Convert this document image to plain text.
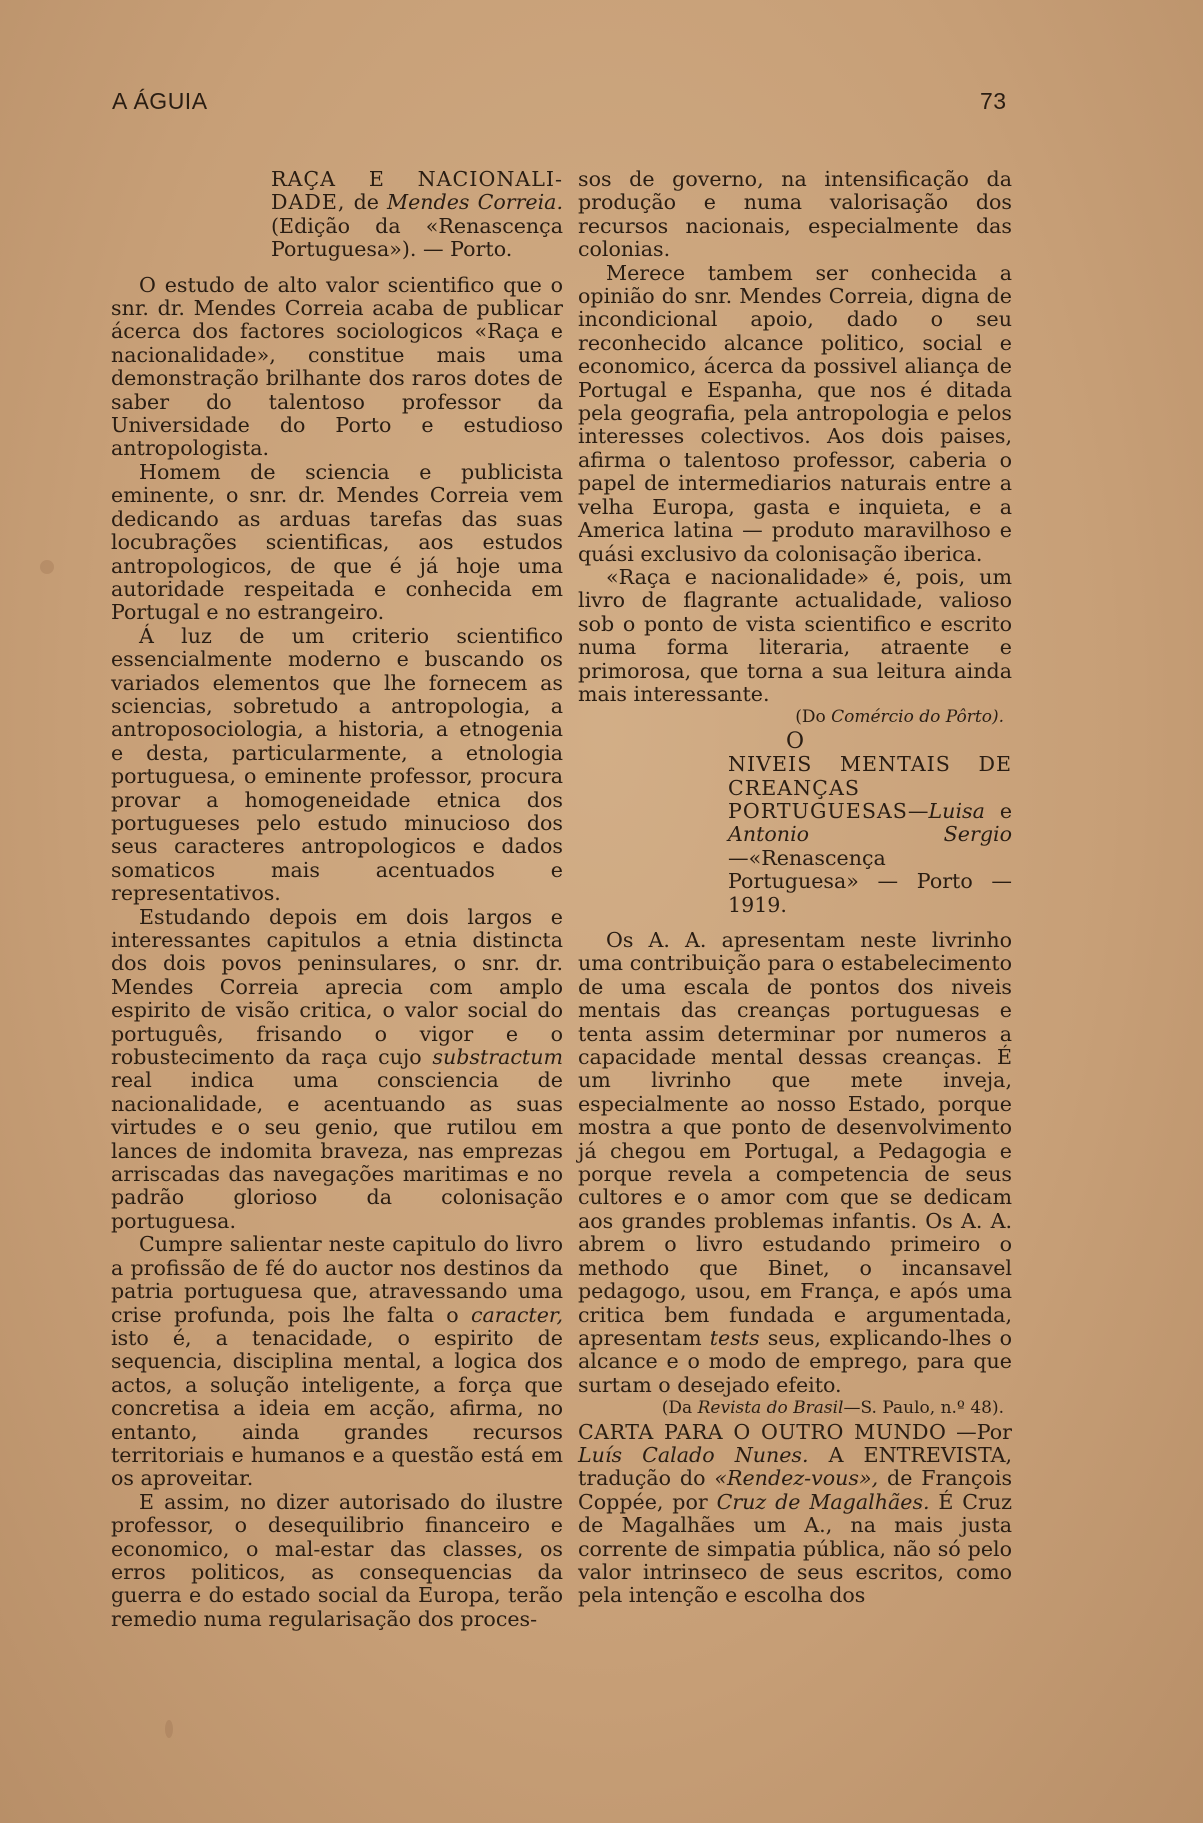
A ÁGUIA	73
RAÇA E NACIONALI-DADE, de Mendes Correia. (Edição da «Renascença Portuguesa»). — Porto.

O estudo de alto valor scientifico que o snr. dr. Mendes Correia acaba de publicar ácerca dos factores sociologicos «Raça e nacionalidade», constitue mais uma demonstração brilhante dos raros dotes de saber do talentoso professor da Universidade do Porto e estudioso antropologista.

Homem de sciencia e publicista eminente, o snr. dr. Mendes Correia vem dedicando as arduas tarefas das suas locubrações scientificas, aos estudos antropologicos, de que é já hoje uma autoridade respeitada e conhecida em Portugal e no estrangeiro.

Á luz de um criterio scientifico essencialmente moderno e buscando os variados elementos que lhe fornecem as sciencias, sobretudo a antropologia, a antroposociologia, a historia, a etnogenia e desta, particularmente, a etnologia portuguesa, o eminente professor, procura provar a homogeneidade etnica dos portugueses pelo estudo minucioso dos seus caracteres antropologicos e dados somaticos mais acentuados e representativos.

Estudando depois em dois largos e interessantes capitulos a etnia distincta dos dois povos peninsulares, o snr. dr. Mendes Correia aprecia com amplo espirito de visão critica, o valor social do português, frisando o vigor e o robustecimento da raça cujo substractum real indica uma consciencia de nacionalidade, e acentuando as suas virtudes e o seu genio, que rutilou em lances de indomita braveza, nas emprezas arriscadas das navegações maritimas e no padrão glorioso da colonisação portuguesa.

Cumpre salientar neste capitulo do livro a profissão de fé do auctor nos destinos da patria portuguesa que, atravessando uma crise profunda, pois lhe falta o caracter, isto é, a tenacidade, o espirito de sequencia, disciplina mental, a logica dos actos, a solução inteligente, a força que concretisa a ideia em acção, afirma, no entanto, ainda grandes recursos territoriais e humanos e a questão está em os aproveitar.

E assim, no dizer autorisado do ilustre professor, o desequilibrio financeiro e economico, o mal-estar das classes, os erros politicos, as consequencias da guerra e do estado social da Europa, terão remedio numa regularisação dos proces-

sos de governo, na intensificação da produção e numa valorisação dos recursos nacionais, especialmente das colonias.

Merece tambem ser conhecida a opinião do snr. Mendes Correia, digna de incondicional apoio, dado o seu reconhecido alcance politico, social e economico, ácerca da possivel aliança de Portugal e Espanha, que nos é ditada pela geografia, pela antropologia e pelos interesses colectivos. Aos dois paises, afirma o talentoso professor, caberia o papel de intermediarios naturais entre a velha Europa, gasta e inquieta, e a America latina — produto maravilhoso e quási exclusivo da colonisação iberica.

«Raça e nacionalidade» é, pois, um livro de flagrante actualidade, valioso sob o ponto de vista scientifico e escrito numa forma literaria, atraente e primorosa, que torna a sua leitura ainda mais interessante.

(Do Comércio do Pôrto).

O

NIVEIS MENTAIS DE CREANÇAS PORTUGUESAS—Luisa e Antonio Sergio—«Renascença Portuguesa» — Porto — 1919.

Os A. A. apresentam neste livrinho uma contribuição para o estabelecimento de uma escala de pontos dos niveis mentais das creanças portuguesas e tenta assim determinar por numeros a capacidade mental dessas creanças. É um livrinho que mete inveja, especialmente ao nosso Estado, porque mostra a que ponto de desenvolvimento já chegou em Portugal, a Pedagogia e porque revela a competencia de seus cultores e o amor com que se dedicam aos grandes problemas infantis. Os A. A. abrem o livro estudando primeiro o methodo que Binet, o incansavel pedagogo, usou, em França, e após uma critica bem fundada e argumentada, apresentam tests seus, explicando-lhes o alcance e o modo de emprego, para que surtam o desejado efeito.

(Da Revista do Brasil—S. Paulo, n.º 48).

CARTA PARA O OUTRO MUNDO —Por Luís Calado Nunes. A ENTREVISTA, tradução do «Rendez-vous», de François Coppée, por Cruz de Magalhães. É Cruz de Magalhães um A., na mais justa corrente de simpatia pública, não só pelo valor intrinseco de seus escritos, como pela intenção e escolha dos
